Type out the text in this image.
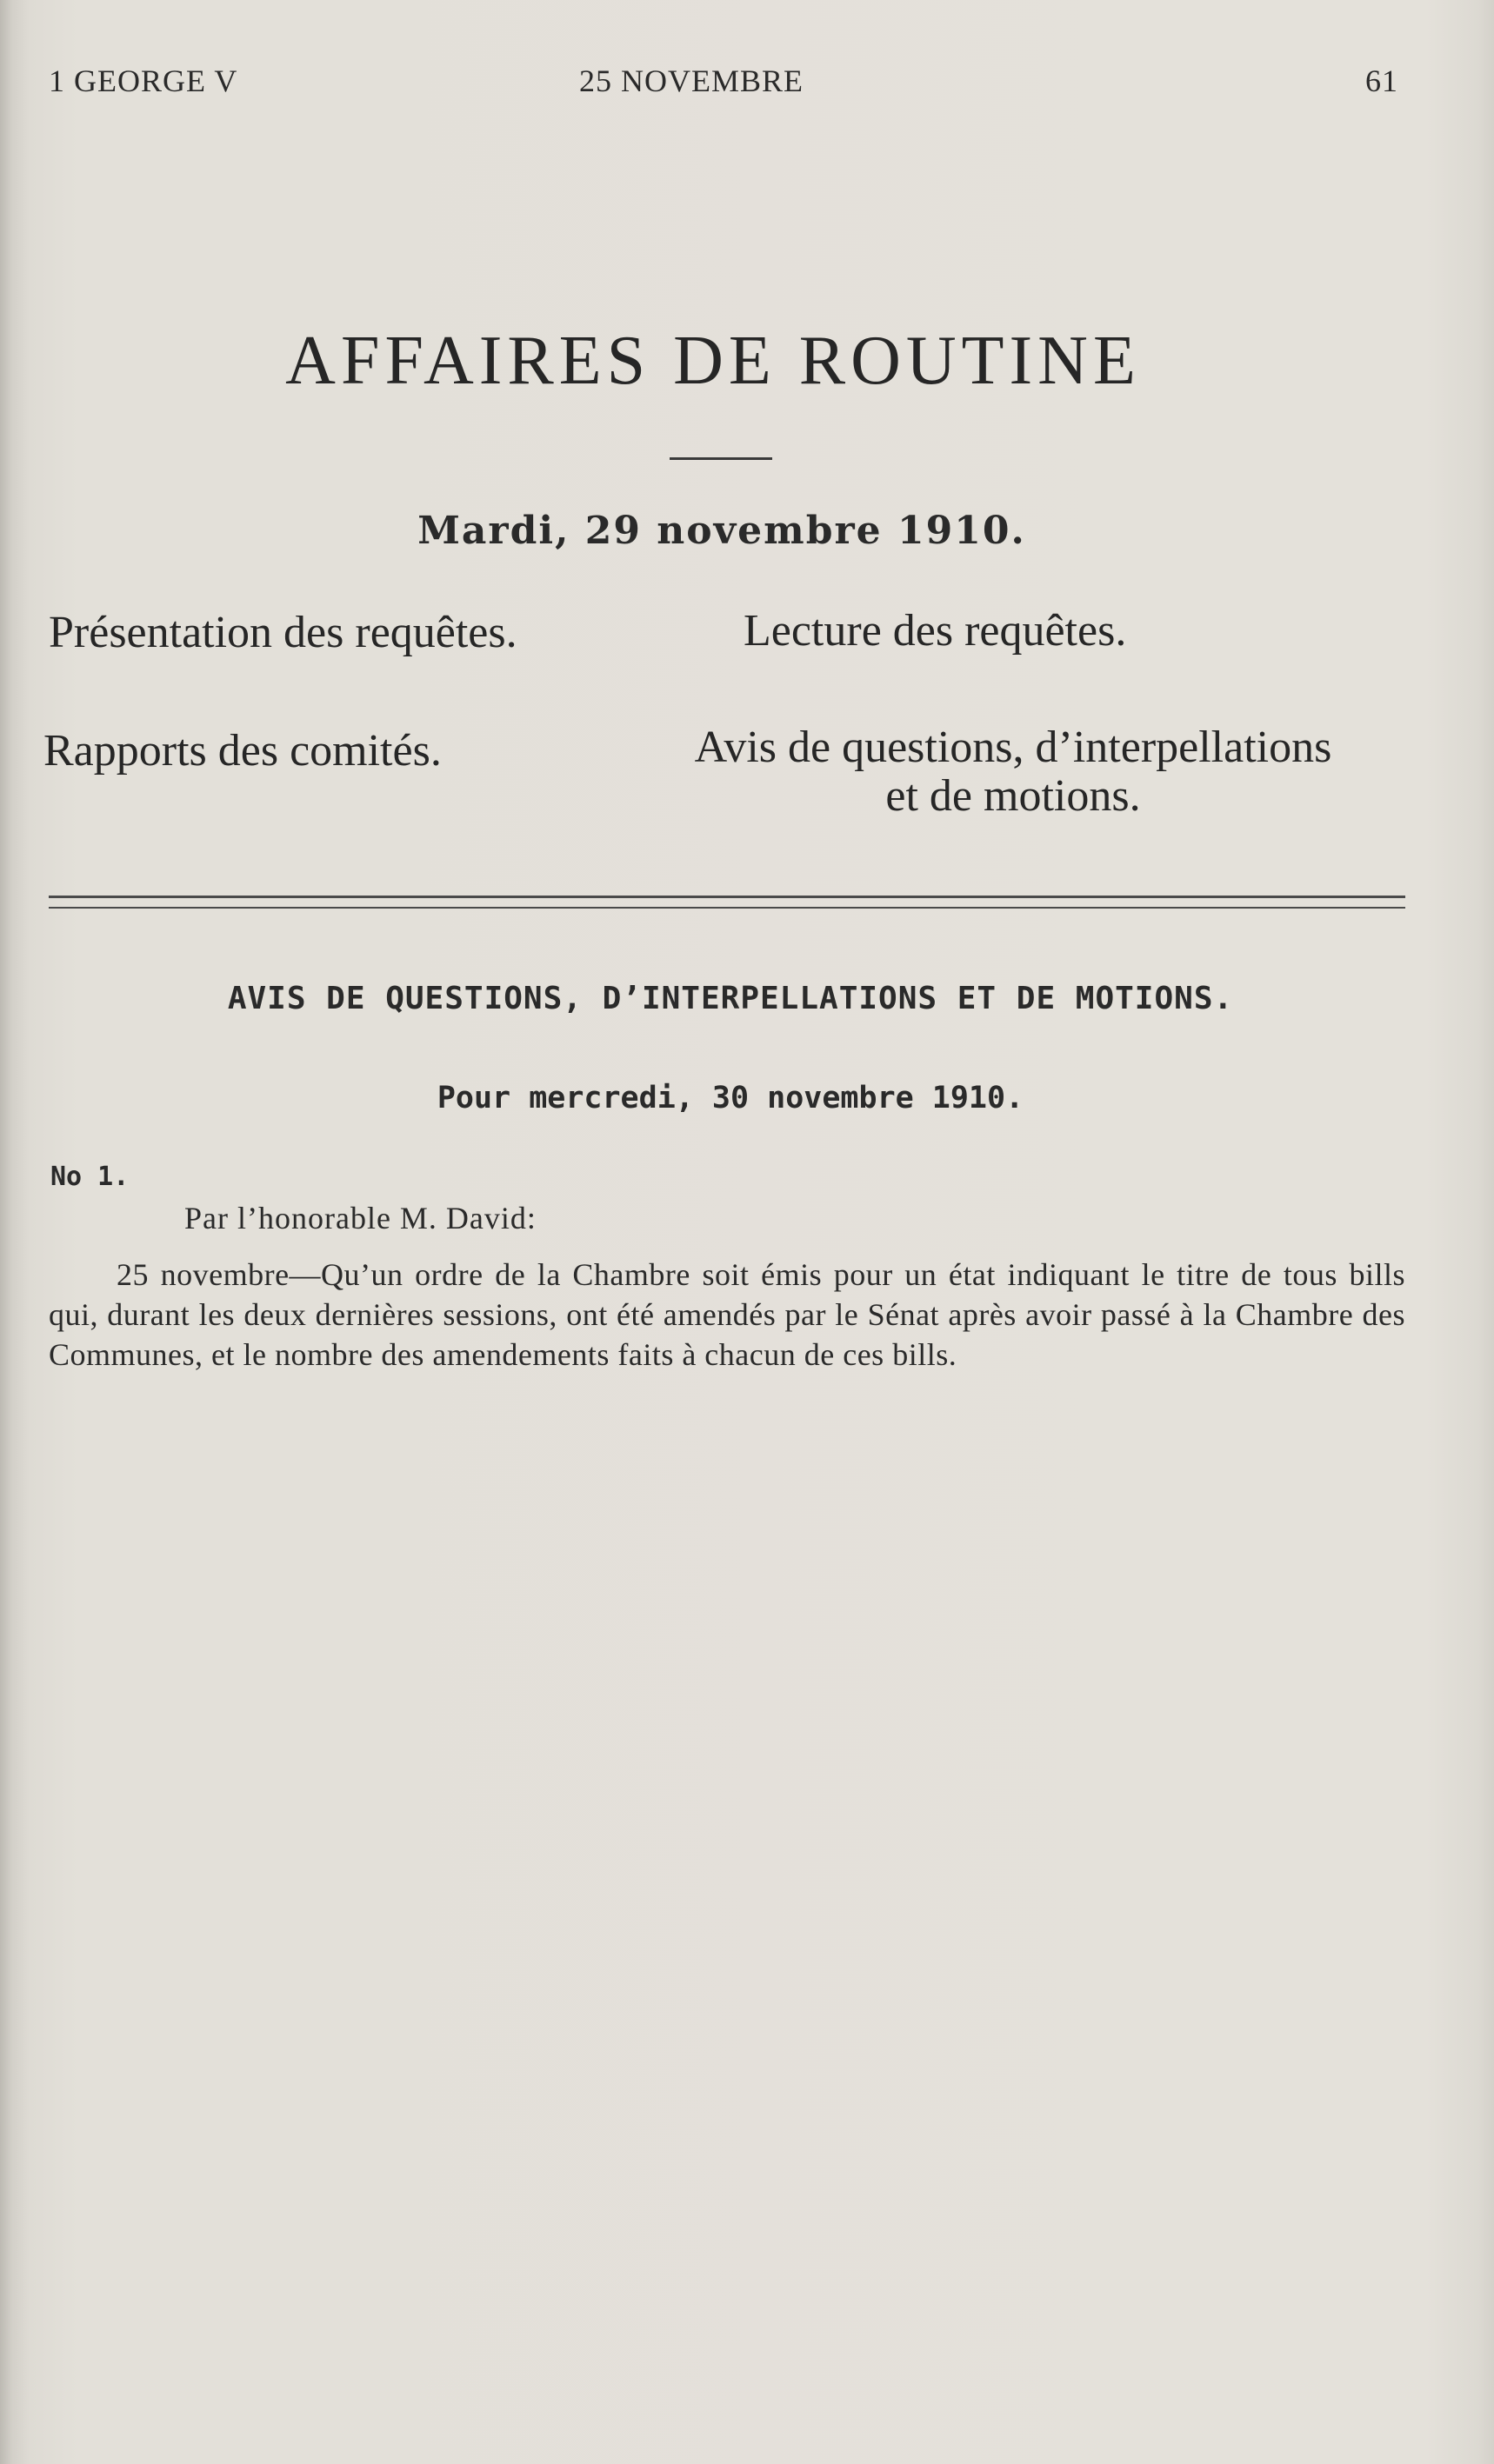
1 GEORGE V	25 NOVEMBRE	61
AFFAIRES DE ROUTINE
Mardi, 29 novembre 1910.
Présentation des requêtes.	Lecture des requêtes.
Rapports des comités.	Avis de questions, d’interpellations
et de motions.
AVIS DE QUESTIONS, D’INTERPELLATIONS ET DE MOTIONS.
Pour mercredi, 30 novembre 1910.
No 1.
Par l’honorable M. David:
25 novembre—Qu’un ordre de la Chambre soit émis pour un état indiquant le titre de tous bills qui, durant les deux dernières sessions, ont été amendés par le Sénat après avoir passé à la Chambre des Communes, et le nombre des amendements faits à chacun de ces bills.
